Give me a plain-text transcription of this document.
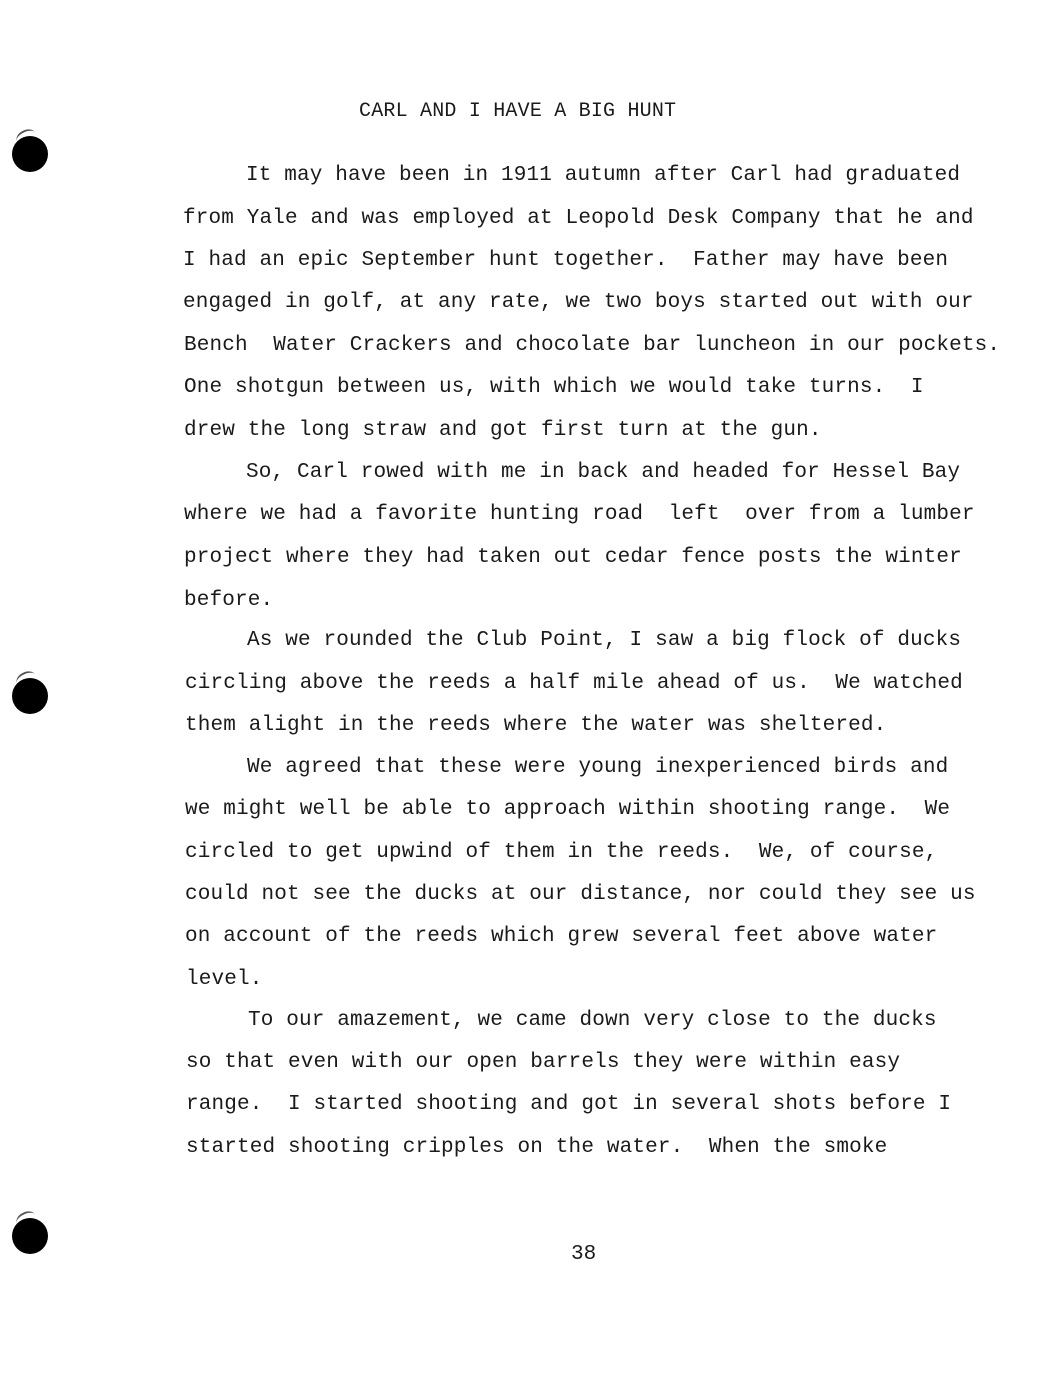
CARL AND I HAVE A BIG HUNT
It may have been in 1911 autumn after Carl had graduated
from Yale and was employed at Leopold Desk Company that he and
I had an epic September hunt together.  Father may have been
engaged in golf, at any rate, we two boys started out with our
Bench  Water Crackers and chocolate bar luncheon in our pockets.
One shotgun between us, with which we would take turns.  I
drew the long straw and got first turn at the gun.
So, Carl rowed with me in back and headed for Hessel Bay
where we had a favorite hunting road  left  over from a lumber
project where they had taken out cedar fence posts the winter
before.
As we rounded the Club Point, I saw a big flock of ducks
circling above the reeds a half mile ahead of us.  We watched
them alight in the reeds where the water was sheltered.
We agreed that these were young inexperienced birds and
we might well be able to approach within shooting range.  We
circled to get upwind of them in the reeds.  We, of course,
could not see the ducks at our distance, nor could they see us
on account of the reeds which grew several feet above water
level.
To our amazement, we came down very close to the ducks
so that even with our open barrels they were within easy
range.  I started shooting and got in several shots before I
started shooting cripples on the water.  When the smoke
38
